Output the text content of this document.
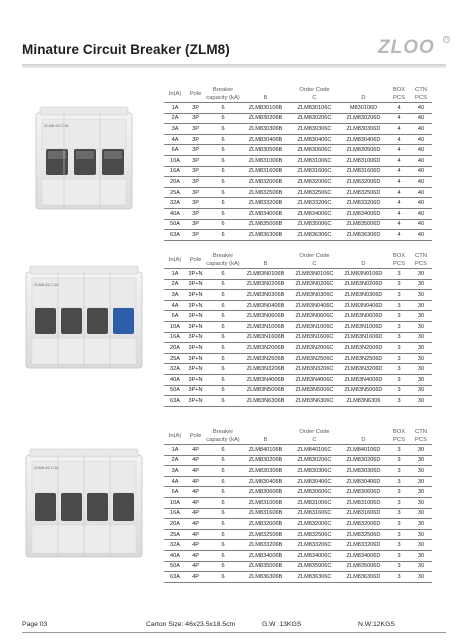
Minature Circuit Breaker (ZLM8)	ZLOO	R
ZLM8-63 C16
ZLM8-63 C16
ZLM8-63 C16
In(A)	Pole	Breaker	Order Code			BOX	CTN
		capacity (kA)	B	C	D	PCS	PCS
1A	3P	6	ZLM830106B	ZLM830106C	M830106D	4	40
2A	3P	6	ZLM830206B	ZLM830206C	ZLM830206D	4	40
3A	3P	6	ZLM830306B	ZLM830306C	ZLM830306D	4	40
4A	3P	6	ZLM830406B	ZLM830406C	ZLM830406D	4	40
6A	3P	6	ZLM830506B	ZLM830606C	ZLM830506D	4	40
10A	3P	6	ZLM831006B	ZLM831006C	ZLM831006D	4	40
16A	3P	6	ZLM831606B	ZLM831606C	ZLM831606D	4	40
20A	3P	6	ZLM832006B	ZLM832006C	ZLM832006D	4	40
25A	3P	6	ZLM832506B	ZLM832506C	ZLM832506D	4	40
32A	3P	6	ZLM833206B	ZLM833206C	ZLM833206D	4	40
40A	3P	6	ZLM834006B	ZLM834006C	ZLM834006D	4	40
50A	3P	6	ZLM835006B	ZLM835006C	ZLM835006D	4	40
63A	3P	6	ZLM836306B	ZLM836306C	ZLM836306D	4	40
In(A)	Pole	Breaker	Order Code			BOX	CTN
		capacity (kA)	B	C	D	PCS	PCS
1A	3P+N	6	ZLM83N0106B	ZLM83N0106C	ZLM83N0106D	3	30
2A	3P+N	6	ZLM83N0206B	ZLM83N0206C	ZLM83N0206D	3	30
3A	3P+N	6	ZLM83N0306B	ZLM83N0306C	ZLM83N0306D	3	30
4A	3P+N	6	ZLM83N0406B	ZLM83N0406C	ZLM83N0406D	3	30
6A	3P+N	6	ZLM83N0606B	ZLM83N0606C	ZLM83N0606D	3	30
10A	3P+N	6	ZLM83N1006B	ZLM83N1006C	ZLM83N1006D	3	30
16A	3P+N	6	ZLM83N1606B	ZLM83N1606C	ZLM83N1606D	3	30
20A	3P+N	6	ZLM83N2006B	ZLM83N2006C	ZLM83N2006D	3	30
25A	3P+N	6	ZLM83N2506B	ZLM83N2506C	ZLM83N2506D	3	30
32A	3P+N	6	ZLM83N3206B	ZLM83N3206C	ZLM83N3206D	3	30
40A	3P+N	6	ZLM83N4006B	ZLM83N4006C	ZLM83N4006D	3	30
50A	3P+N	6	ZLM83N5006B	ZLM83N5006C	ZLM83N5006D	3	30
63A	3P+N	6	ZLM83N6306B	ZLM83N6306C	ZLM83N6306	3	30
In(A)	Pole	Breaker	Order Code			BOX	CTN
		capacity (kA)	B	C	D	PCS	PCS
1A	4P	6	ZLM840106B	ZLM840106C	ZLM840106D	3	30
2A	4P	6	ZLM830206B	ZLM830206C	ZLM830206D	3	30
3A	4P	6	ZLM830306B	ZLM830306C	ZLM830306D	3	30
4A	4P	6	ZLM830406B	ZLM830406C	ZLM830406D	3	30
6A	4P	6	ZLM830606B	ZLM830606C	ZLM830606D	3	30
10A	4P	6	ZLM831006B	ZLM831006C	ZLM831006D	3	30
16A	4P	6	ZLM831606B	ZLM831606C	ZLM831606D	3	30
20A	4P	6	ZLM832006B	ZLM832006C	ZLM832006D	3	30
25A	4P	6	ZLM832506B	ZLM832506C	ZLM832506D	3	30
32A	4P	6	ZLM833206B	ZLM833206C	ZLM833206D	3	30
40A	4P	6	ZLM834006B	ZLM834006C	ZLM834006D	3	30
50A	4P	6	ZLM835006B	ZLM835006C	ZLM835006D	3	30
63A	4P	6	ZLM836306B	ZLM836306C	ZLM836306D	3	30
Page 03	Carton Size: 46x23.5x18.5cm	G.W :13KGS	N.W:12KGS
